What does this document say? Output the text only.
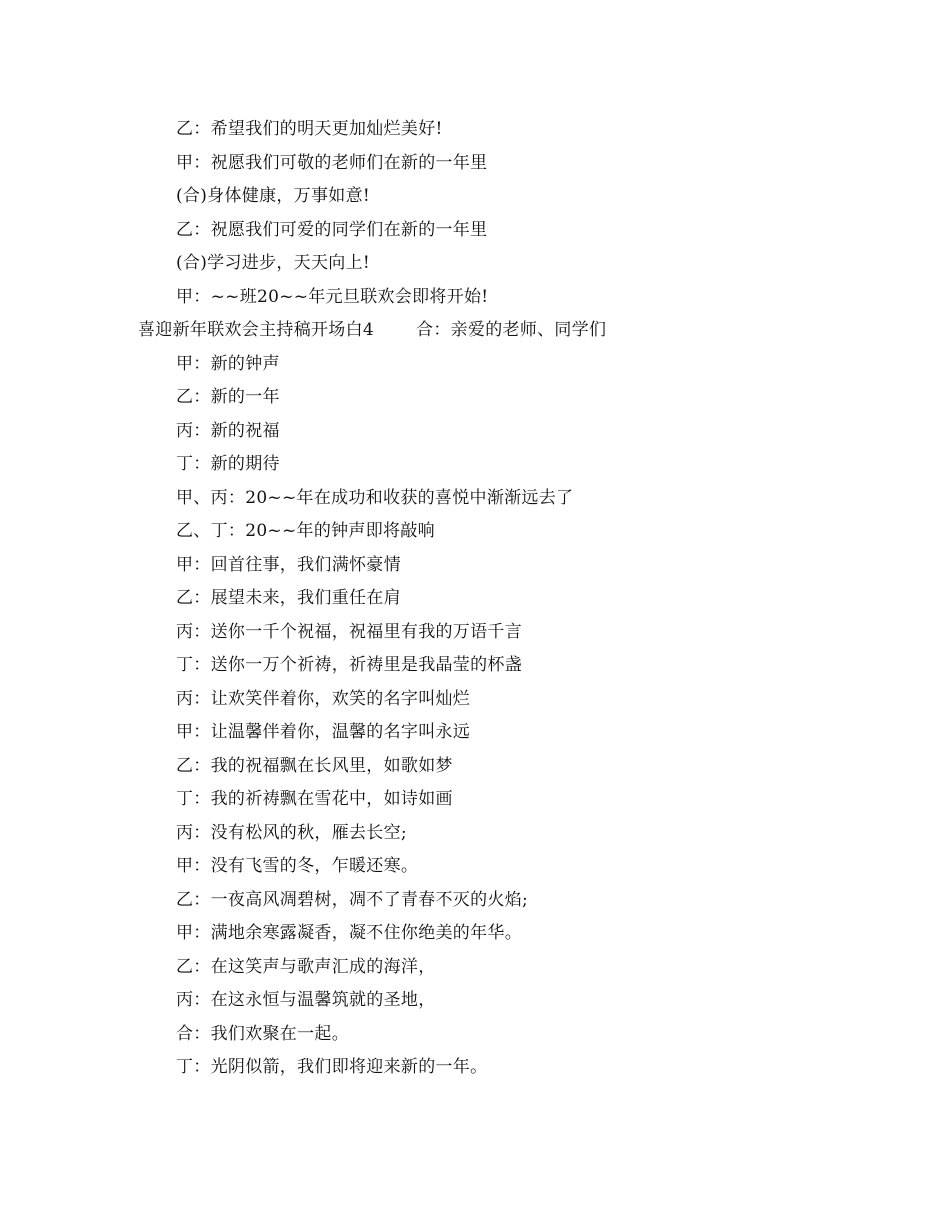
乙：希望我们的明天更加灿烂美好!
甲：祝愿我们可敬的老师们在新的一年里
(合)身体健康，万事如意!
乙：祝愿我们可爱的同学们在新的一年里
(合)学习进步，天天向上!
甲：~~班20~~年元旦联欢会即将开始!
喜迎新年联欢会主持稿开场白4 合：亲爱的老师、同学们
甲：新的钟声
乙：新的一年
丙：新的祝福
丁：新的期待
甲、丙：20~~年在成功和收获的喜悦中渐渐远去了
乙、丁：20~~年的钟声即将敲响
甲：回首往事，我们满怀豪情
乙：展望未来，我们重任在肩
丙：送你一千个祝福，祝福里有我的万语千言
丁：送你一万个祈祷，祈祷里是我晶莹的杯盏
丙：让欢笑伴着你，欢笑的名字叫灿烂
甲：让温馨伴着你，温馨的名字叫永远
乙：我的祝福飘在长风里，如歌如梦
丁：我的祈祷飘在雪花中，如诗如画
丙：没有松风的秋，雁去长空;
甲：没有飞雪的冬，乍暖还寒。
乙：一夜高风凋碧树，凋不了青春不灭的火焰;
甲：满地余寒露凝香，凝不住你绝美的年华。
乙：在这笑声与歌声汇成的海洋，
丙：在这永恒与温馨筑就的圣地，
合：我们欢聚在一起。
丁：光阴似箭，我们即将迎来新的一年。
